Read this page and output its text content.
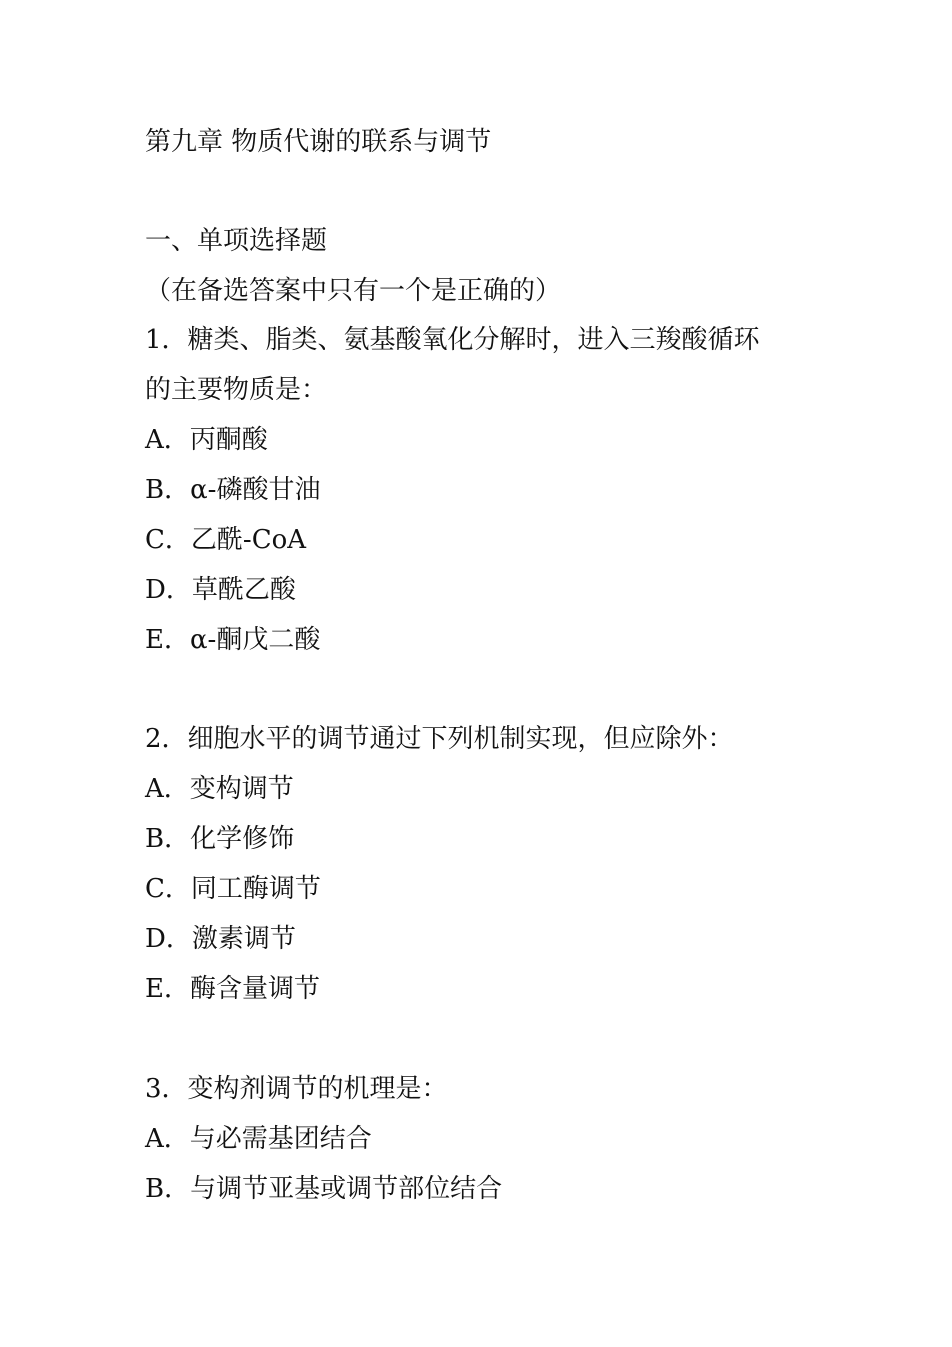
第九章 物质代谢的联系与调节
一、单项选择题
（在备选答案中只有一个是正确的）
1．糖类、脂类、氨基酸氧化分解时，进入三羧酸循环
的主要物质是：
A．丙酮酸
B．α-磷酸甘油
C．乙酰-CoA
D．草酰乙酸
E．α-酮戊二酸
2．细胞水平的调节通过下列机制实现，但应除外：
A．变构调节
B．化学修饰
C．同工酶调节
D．激素调节
E．酶含量调节
3．变构剂调节的机理是：
A．与必需基团结合
B．与调节亚基或调节部位结合
